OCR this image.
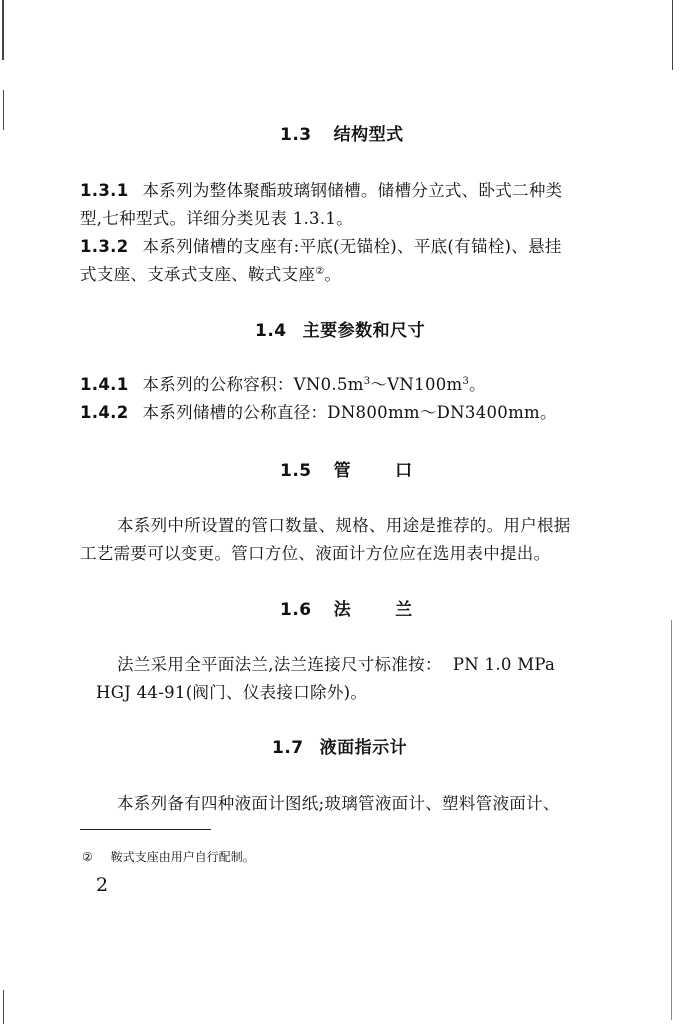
1.3 结构型式
1.3.1 本系列为整体聚酯玻璃钢储槽。储槽分立式、卧式二种类
型,七种型式。详细分类见表 1.3.1。
1.3.2 本系列储槽的支座有:平底(无锚栓)、平底(有锚栓)、悬挂
式支座、支承式支座、鞍式支座②。
1.4 主要参数和尺寸
1.4.1 本系列的公称容积：$VN0.5m^3\sim VN100m^3$。
1.4.2 本系列储槽的公称直径：DN800mm～DN3400mm。
1.5 管	口
本系列中所设置的管口数量、规格、用途是推荐的。用户根据
工艺需要可以变更。管口方位、液面计方位应在选用表中提出。
1.6 法	兰
法兰采用全平面法兰,法兰连接尺寸标准按：  PN 1.0 MPa
HGJ 44-91(阀门、仪表接口除外)。
1.7 液面指示计
本系列备有四种液面计图纸;玻璃管液面计、塑料管液面计、
② 鞍式支座由用户自行配制。
2
